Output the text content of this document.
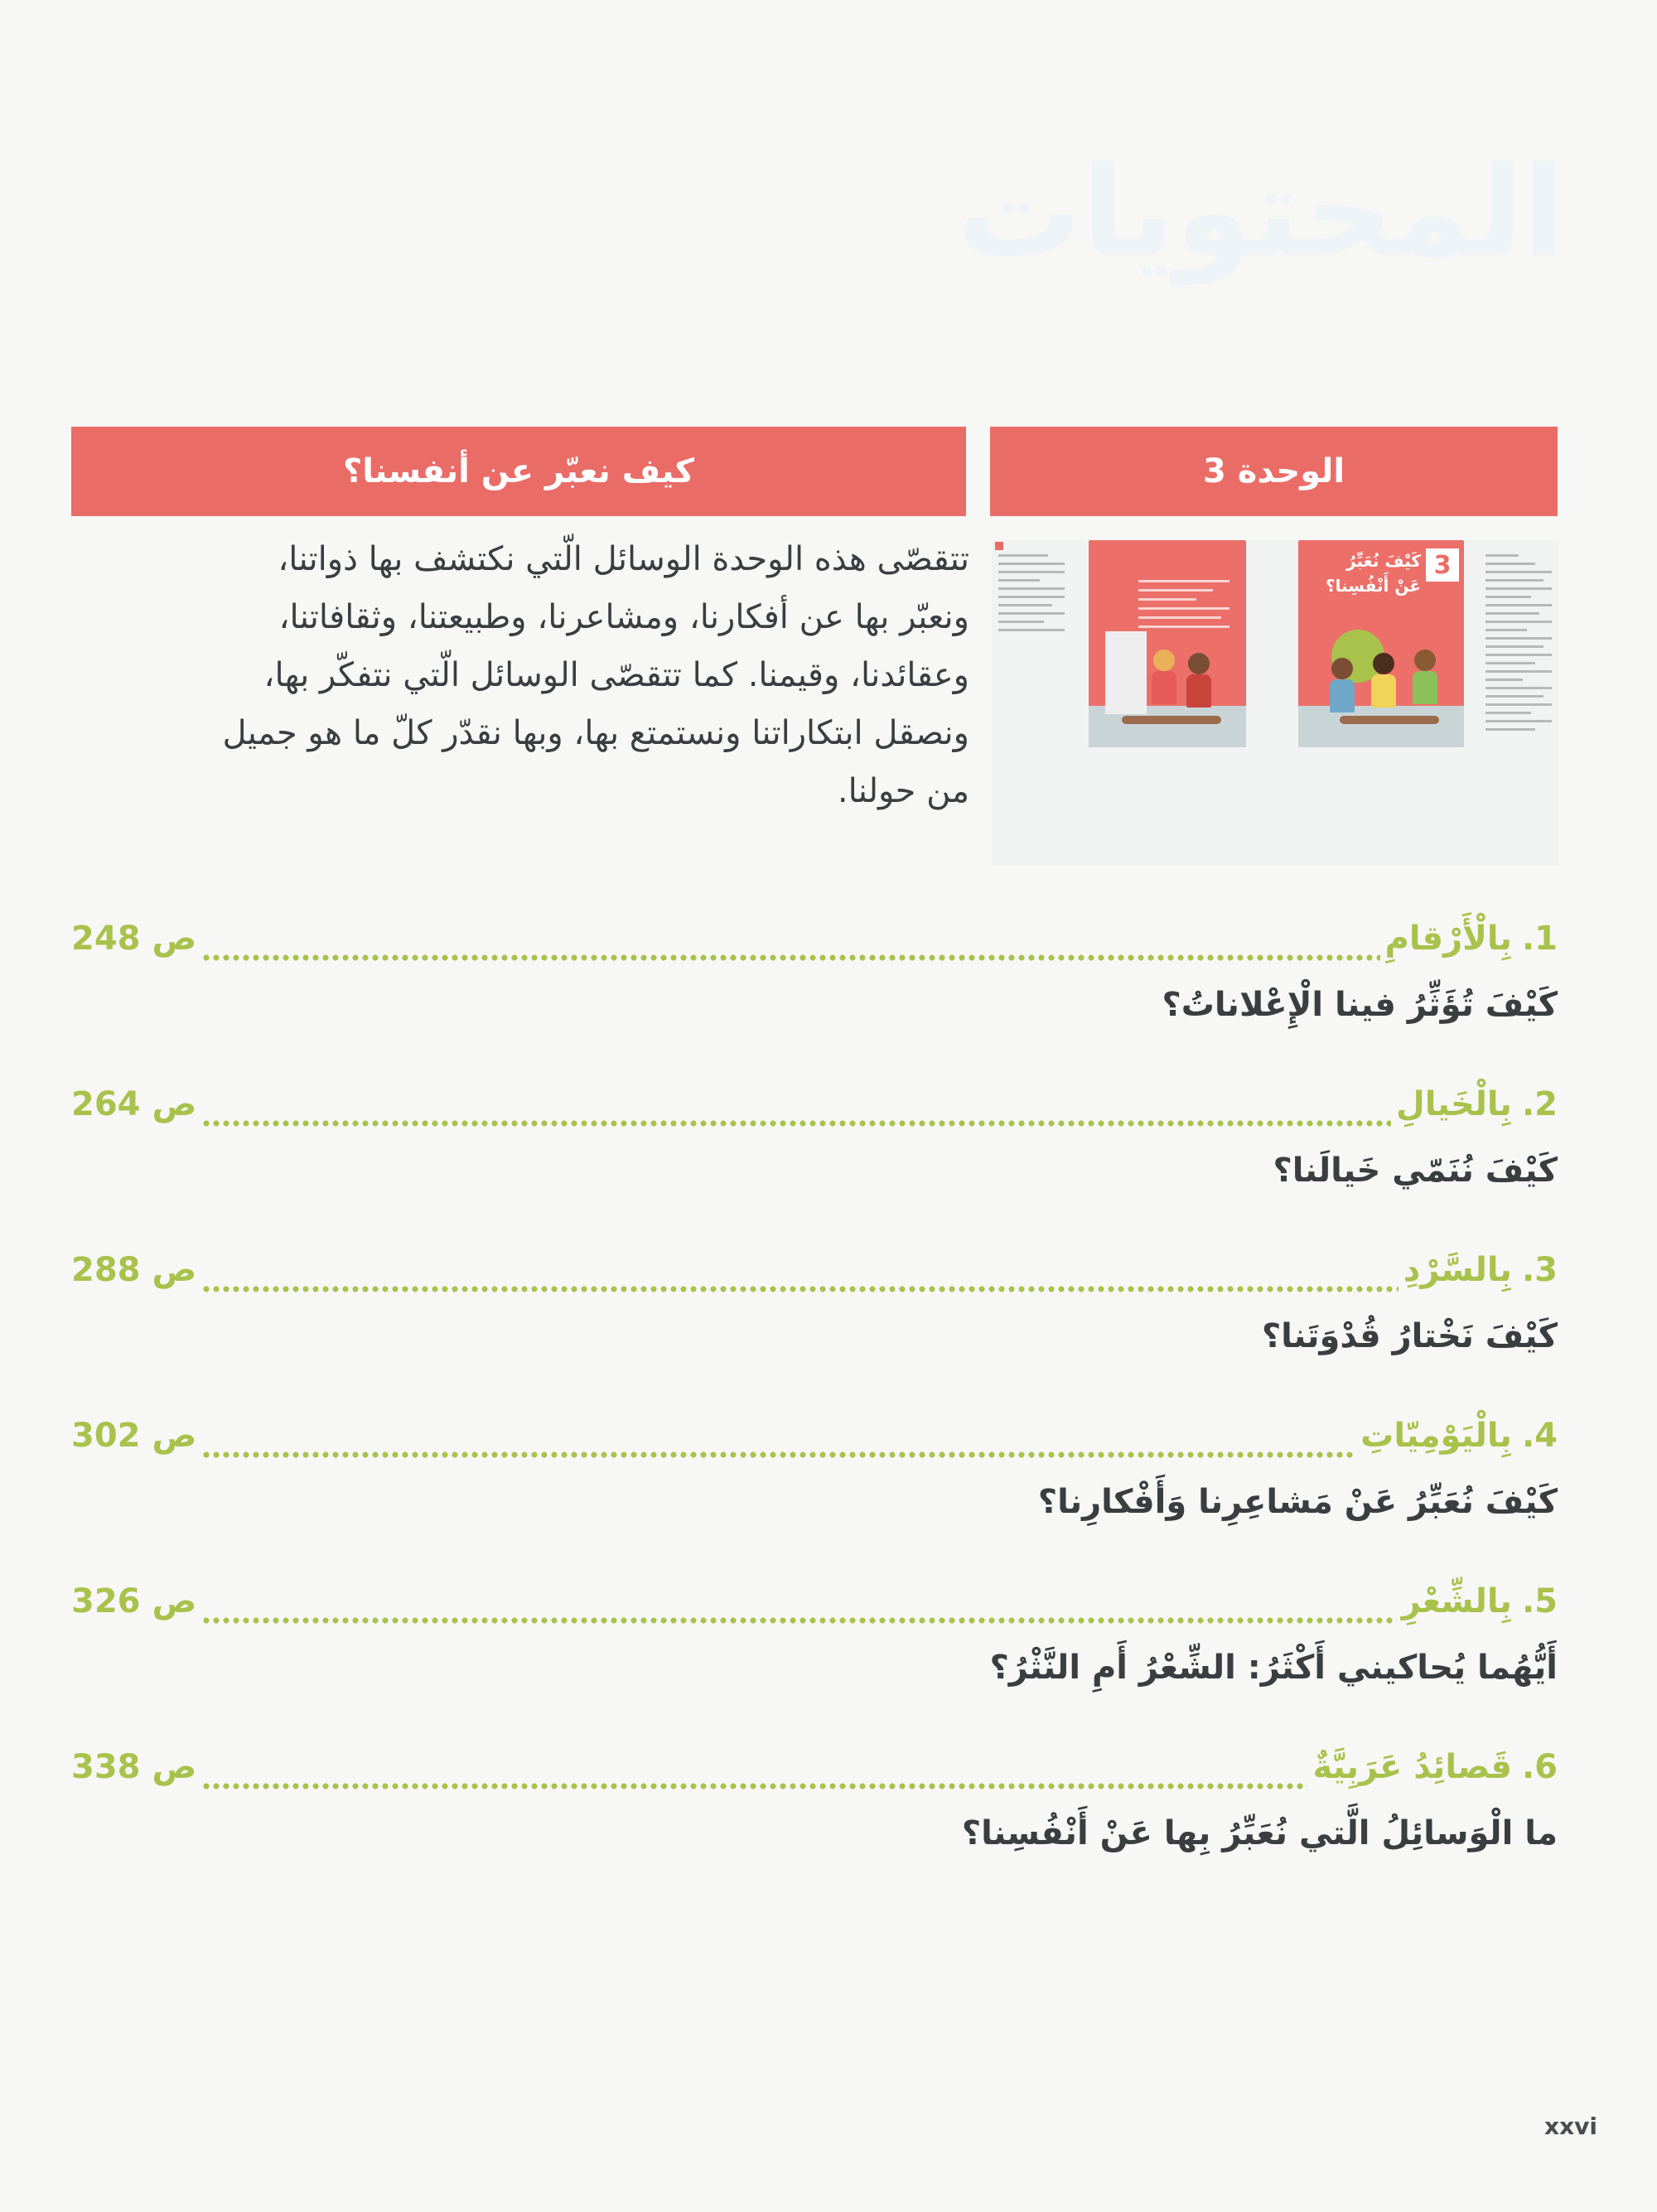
المحتويات
الوحدة 3
كيف نعبّر عن أنفسنا؟
تتقصّى هذه الوحدة الوسائل الّتي نكتشف بها ذواتنا،
ونعبّر بها عن أفكارنا، ومشاعرنا، وطبيعتنا، وثقافاتنا،
وعقائدنا، وقيمنا. كما تتقصّى الوسائل الّتي نتفكّر بها،
ونصقل ابتكاراتنا ونستمتع بها، وبها نقدّر كلّ ما هو جميل
من حولنا.
3
كَيْفَ نُعَبِّرُ
عَنْ أَنْفُسِنا؟
1.
بِالْأَرْقامِ
ص 248
كَيْفَ تُؤَثِّرُ فينا الْإِعْلاناتُ؟
2.
بِالْخَيالِ
ص 264
كَيْفَ نُنَمّي خَيالَنا؟
3.
بِالسَّرْدِ
ص 288
كَيْفَ نَخْتارُ قُدْوَتَنا؟
4.
بِالْيَوْمِيّاتِ
ص 302
كَيْفَ نُعَبِّرُ عَنْ مَشاعِرِنا وَأَفْكارِنا؟
5.
بِالشِّعْرِ
ص 326
أَيُّهُما يُحاكيني أَكْثَرُ: الشِّعْرُ أَمِ النَّثْرُ؟
6.
قَصائِدُ عَرَبِيَّةٌ
ص 338
ما الْوَسائِلُ الَّتي نُعَبِّرُ بِها عَنْ أَنْفُسِنا؟
xxvi
